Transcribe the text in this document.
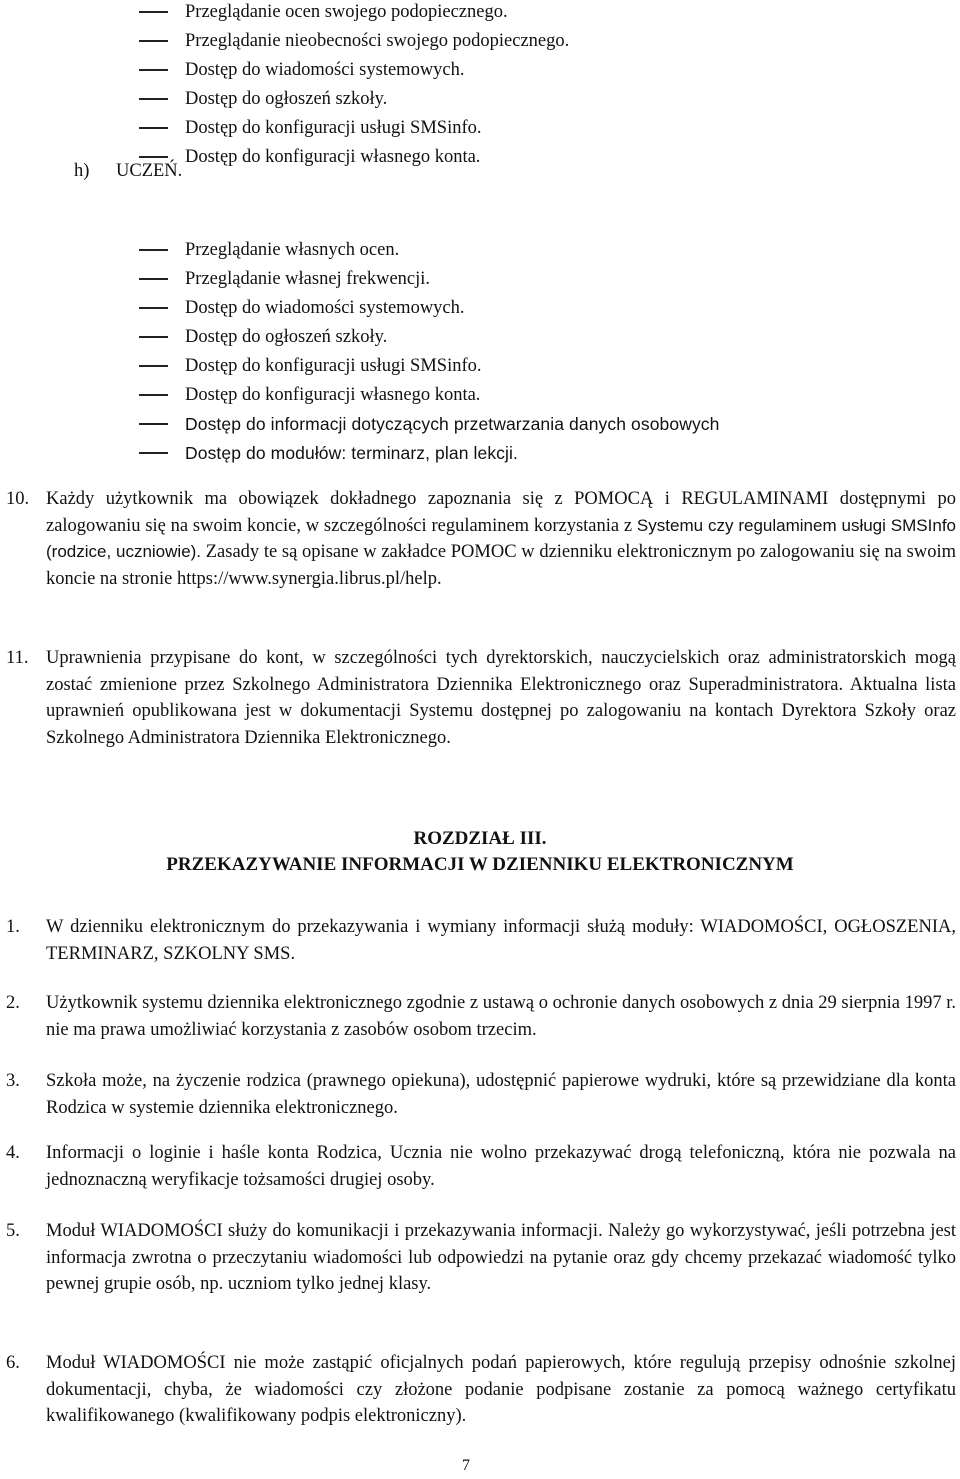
Przeglądanie ocen swojego podopiecznego.
Przeglądanie nieobecności swojego podopiecznego.
Dostęp do wiadomości systemowych.
Dostęp do ogłoszeń szkoły.
Dostęp do konfiguracji usługi SMSinfo.
Dostęp do konfiguracji własnego konta.
h) UCZEŃ.
Przeglądanie własnych ocen.
Przeglądanie własnej frekwencji.
Dostęp do wiadomości systemowych.
Dostęp do ogłoszeń szkoły.
Dostęp do konfiguracji usługi SMSinfo.
Dostęp do konfiguracji własnego konta.
Dostęp do informacji dotyczących przetwarzania danych osobowych
Dostęp do modułów: terminarz, plan lekcji.
10. Każdy użytkownik ma obowiązek dokładnego zapoznania się z POMOCĄ i REGULAMINAMI dostępnymi po zalogowaniu się na swoim koncie, w szczególności regulaminem korzystania z Systemu czy regulaminem usługi SMSInfo (rodzice, uczniowie). Zasady te są opisane w zakładce POMOC w dzienniku elektronicznym po zalogowaniu się na swoim koncie na stronie https://www.synergia.librus.pl/help.
11. Uprawnienia przypisane do kont, w szczególności tych dyrektorskich, nauczycielskich oraz administratorskich mogą zostać zmienione przez Szkolnego Administratora Dziennika Elektronicznego oraz Superadministratora. Aktualna lista uprawnień opublikowana jest w dokumentacji Systemu dostępnej po zalogowaniu na kontach Dyrektora Szkoły oraz Szkolnego Administratora Dziennika Elektronicznego.
ROZDZIAŁ III.
PRZEKAZYWANIE INFORMACJI W DZIENNIKU ELEKTRONICZNYM
1. W dzienniku elektronicznym do przekazywania i wymiany informacji służą moduły: WIADOMOŚCI, OGŁOSZENIA, TERMINARZ, SZKOLNY SMS.
2. Użytkownik systemu dziennika elektronicznego zgodnie z ustawą o ochronie danych osobowych z dnia 29 sierpnia 1997 r. nie ma prawa umożliwiać korzystania z zasobów osobom trzecim.
3. Szkoła może, na życzenie rodzica (prawnego opiekuna), udostępnić papierowe wydruki, które są przewidziane dla konta Rodzica w systemie dziennika elektronicznego.
4. Informacji o loginie i haśle konta Rodzica, Ucznia nie wolno przekazywać drogą telefoniczną, która nie pozwala na jednoznaczną weryfikacje tożsamości drugiej osoby.
5. Moduł WIADOMOŚCI służy do komunikacji i przekazywania informacji. Należy go wykorzystywać, jeśli potrzebna jest informacja zwrotna o przeczytaniu wiadomości lub odpowiedzi na pytanie oraz gdy chcemy przekazać wiadomość tylko pewnej grupie osób, np. uczniom tylko jednej klasy.
6. Moduł WIADOMOŚCI nie może zastąpić oficjalnych podań papierowych, które regulują przepisy odnośnie szkolnej dokumentacji, chyba, że wiadomości czy złożone podanie podpisane zostanie za pomocą ważnego certyfikatu kwalifikowanego (kwalifikowany podpis elektroniczny).
7
